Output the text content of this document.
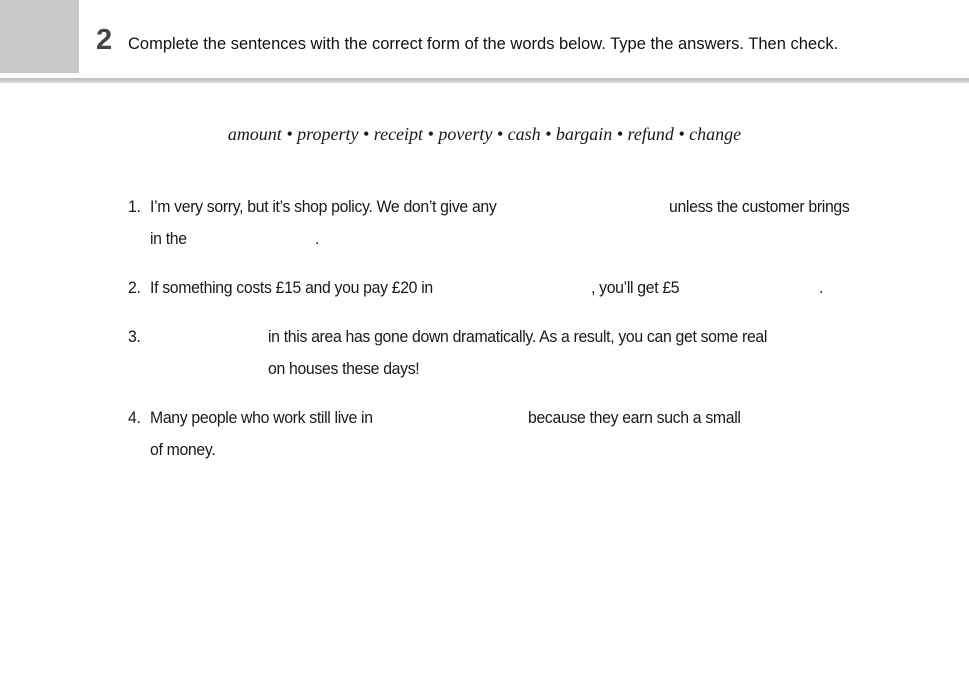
2 Complete the sentences with the correct form of the words below. Type the answers. Then check.
amount • property • receipt • poverty • cash • bargain • refund • change
1. I’m very sorry, but it’s shop policy. We don’t give any	unless the customer brings
in the	.
2. If something costs £15 and you pay £20 in	, you’ll get £5	.
3.	in this area has gone down dramatically. As a result, you can get some real
on houses these days!
4. Many people who work still live in	because they earn such a small
of money.
